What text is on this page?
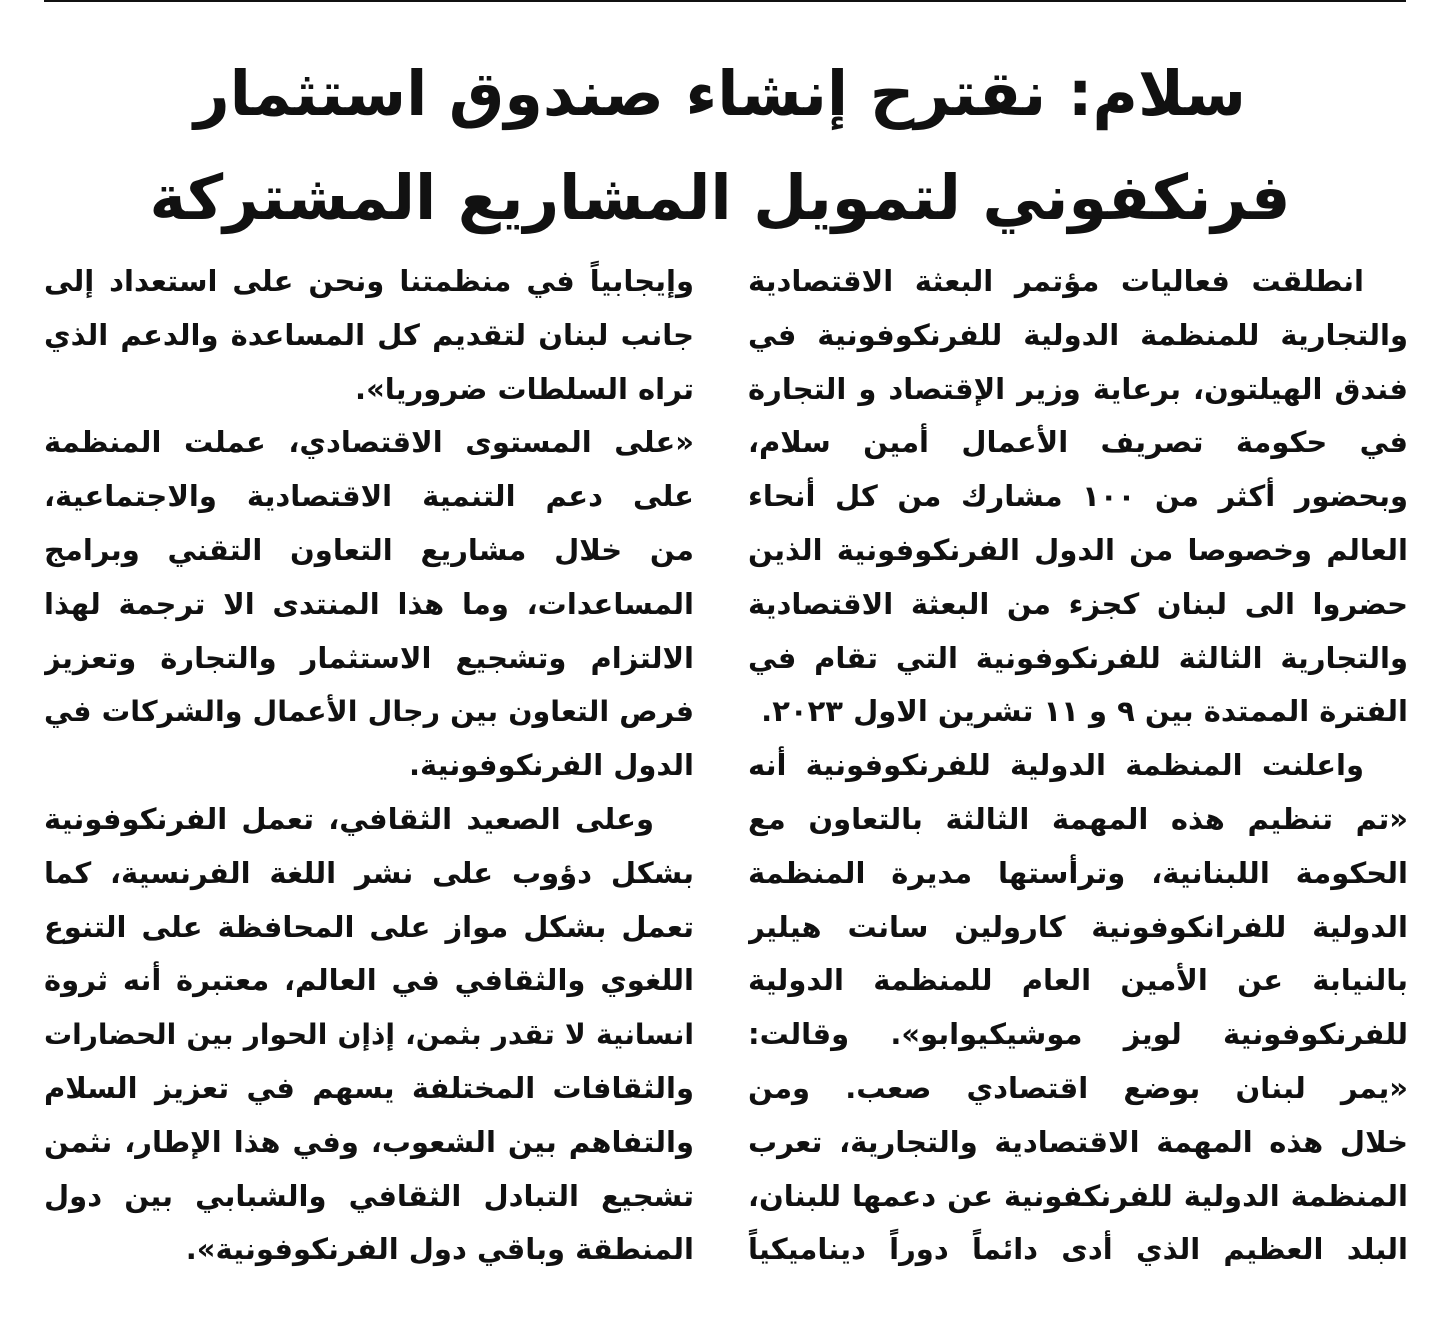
سلام: نقترح إنشاء صندوق استثمار
فرنكفوني لتمويل المشاريع المشتركة
انطلقت فعاليات مؤتمر البعثة الاقتصادية
والتجارية للمنظمة الدولية للفرنكوفونية في
فندق الهيلتون، برعاية وزير الإقتصاد و التجارة
في حكومة تصريف الأعمال أمين سلام،
وبحضور أكثر من ١٠٠ مشارك من كل أنحاء
العالم وخصوصا من الدول الفرنكوفونية الذين
حضروا الى لبنان كجزء من البعثة الاقتصادية
والتجارية الثالثة للفرنكوفونية التي تقام في
الفترة الممتدة بين ٩ و ١١ تشرين الاول ٢٠٢٣.
واعلنت المنظمة الدولية للفرنكوفونية أنه
«تم تنظيم هذه المهمة الثالثة بالتعاون مع
الحكومة اللبنانية، وترأستها مديرة المنظمة
الدولية للفرانكوفونية كارولين سانت هيلير
بالنيابة عن الأمين العام للمنظمة الدولية
للفرنكوفونية لويز موشيكيوابو». وقالت:
«يمر لبنان بوضع اقتصادي صعب. ومن
خلال هذه المهمة الاقتصادية والتجارية، تعرب
المنظمة الدولية للفرنكفونية عن دعمها للبنان،
البلد العظيم الذي أدى دائماً دوراً ديناميكياً
وإيجابياً في منظمتنا ونحن على استعداد إلى
جانب لبنان لتقديم كل المساعدة والدعم الذي
تراه السلطات ضروريا».
«على المستوى الاقتصادي، عملت المنظمة
على دعم التنمية الاقتصادية والاجتماعية،
من خلال مشاريع التعاون التقني وبرامج
المساعدات، وما هذا المنتدى الا ترجمة لهذا
الالتزام وتشجيع الاستثمار والتجارة وتعزيز
فرص التعاون بين رجال الأعمال والشركات في
الدول الفرنكوفونية.
وعلى الصعيد الثقافي، تعمل الفرنكوفونية
بشكل دؤوب على نشر اللغة الفرنسية، كما
تعمل بشكل مواز على المحافظة على التنوع
اللغوي والثقافي في العالم، معتبرة أنه ثروة
انسانية لا تقدر بثمن، إذإن الحوار بين الحضارات
والثقافات المختلفة يسهم في تعزيز السلام
والتفاهم بين الشعوب، وفي هذا الإطار، نثمن
تشجيع التبادل الثقافي والشبابي بين دول
المنطقة وباقي دول الفرنكوفونية».
